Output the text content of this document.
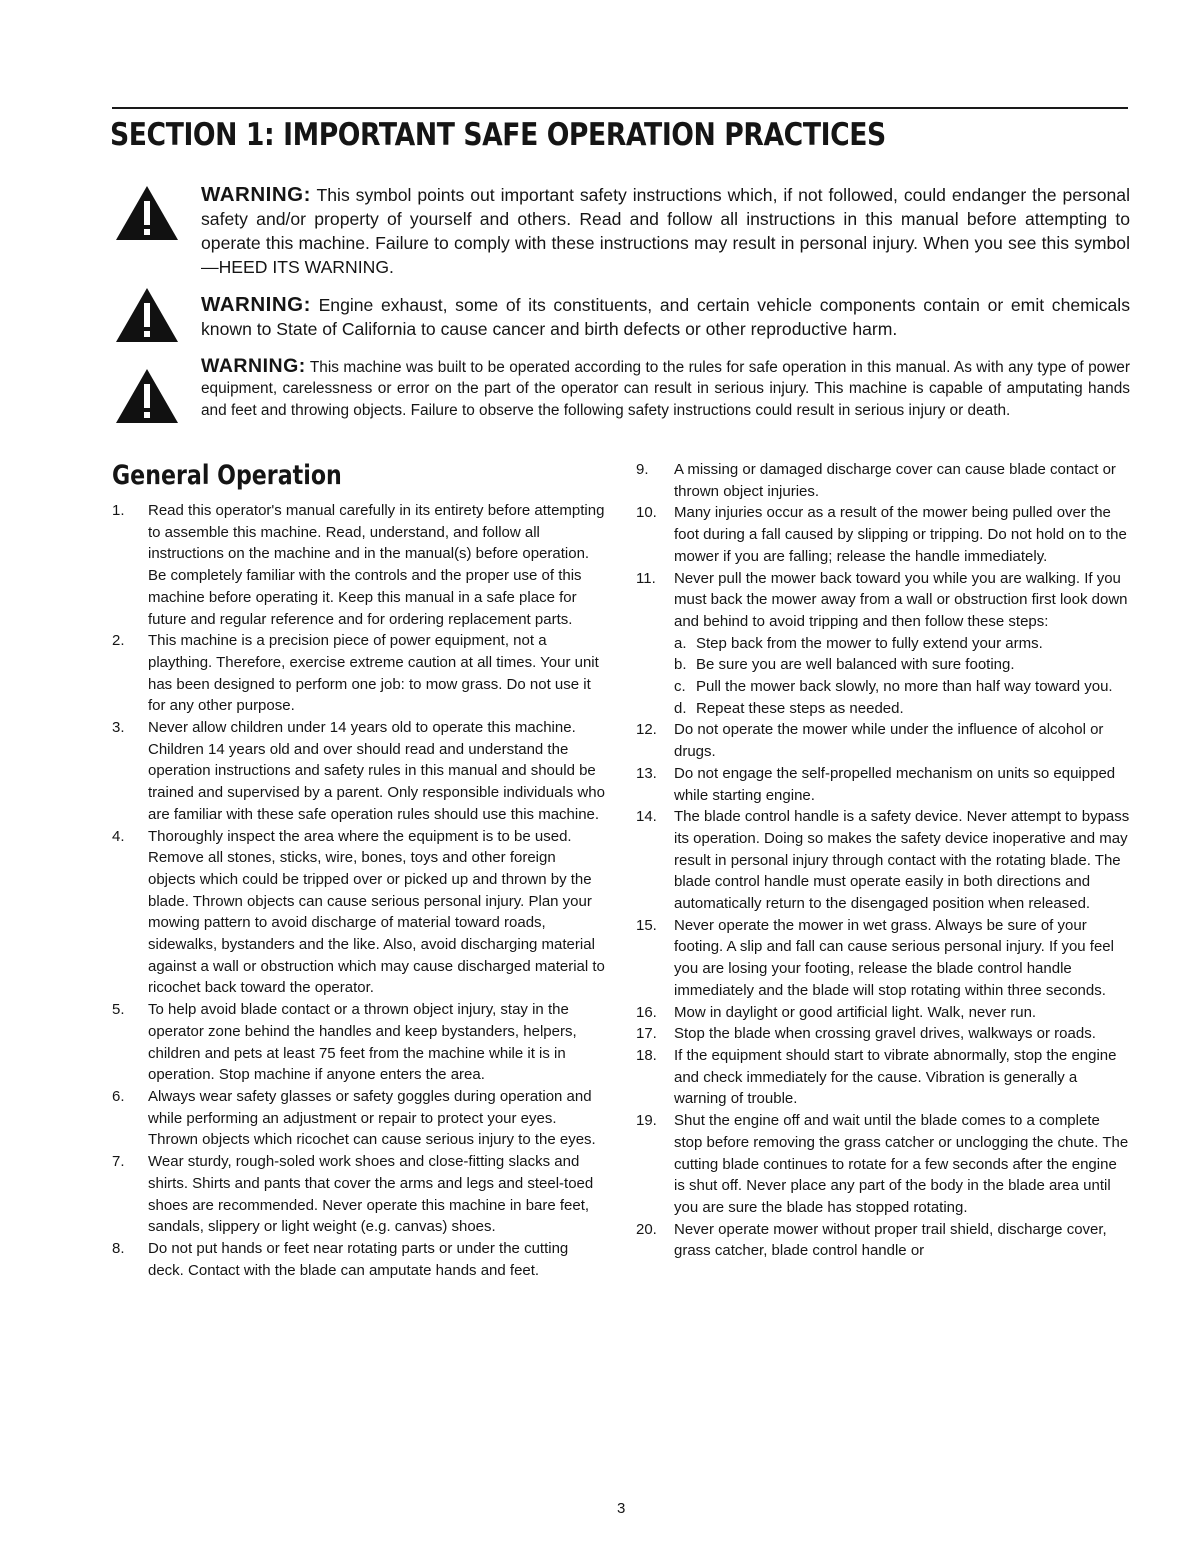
SECTION 1: IMPORTANT SAFE OPERATION PRACTICES
WARNING: This symbol points out important safety instructions which, if not followed, could endanger the personal safety and/or property of yourself and others. Read and follow all instructions in this manual before attempting to operate this machine. Failure to comply with these instructions may result in personal injury. When you see this symbol—HEED ITS WARNING.
WARNING: Engine exhaust, some of its constituents, and certain vehicle components contain or emit chemicals known to State of California to cause cancer and birth defects or other reproductive harm.
WARNING: This machine was built to be operated according to the rules for safe operation in this manual. As with any type of power equipment, carelessness or error on the part of the operator can result in serious injury. This machine is capable of amputating hands and feet and throwing objects. Failure to observe the following safety instructions could result in serious injury or death.
General Operation
1. Read this operator's manual carefully in its entirety before attempting to assemble this machine. Read, understand, and follow all instructions on the machine and in the manual(s) before operation. Be completely familiar with the controls and the proper use of this machine before operating it. Keep this manual in a safe place for future and regular reference and for ordering replacement parts.
2. This machine is a precision piece of power equipment, not a plaything. Therefore, exercise extreme caution at all times. Your unit has been designed to perform one job: to mow grass. Do not use it for any other purpose.
3. Never allow children under 14 years old to operate this machine. Children 14 years old and over should read and understand the operation instructions and safety rules in this manual and should be trained and supervised by a parent. Only responsible individuals who are familiar with these safe operation rules should use this machine.
4. Thoroughly inspect the area where the equipment is to be used. Remove all stones, sticks, wire, bones, toys and other foreign objects which could be tripped over or picked up and thrown by the blade. Thrown objects can cause serious personal injury. Plan your mowing pattern to avoid discharge of material toward roads, sidewalks, bystanders and the like. Also, avoid discharging material against a wall or obstruction which may cause discharged material to ricochet back toward the operator.
5. To help avoid blade contact or a thrown object injury, stay in the operator zone behind the handles and keep bystanders, helpers, children and pets at least 75 feet from the machine while it is in operation. Stop machine if anyone enters the area.
6. Always wear safety glasses or safety goggles during operation and while performing an adjustment or repair to protect your eyes. Thrown objects which ricochet can cause serious injury to the eyes.
7. Wear sturdy, rough-soled work shoes and close-fitting slacks and shirts. Shirts and pants that cover the arms and legs and steel-toed shoes are recommended. Never operate this machine in bare feet, sandals, slippery or light weight (e.g. canvas) shoes.
8. Do not put hands or feet near rotating parts or under the cutting deck. Contact with the blade can amputate hands and feet.
9. A missing or damaged discharge cover can cause blade contact or thrown object injuries.
10. Many injuries occur as a result of the mower being pulled over the foot during a fall caused by slipping or tripping. Do not hold on to the mower if you are falling; release the handle immediately.
11. Never pull the mower back toward you while you are walking. If you must back the mower away from a wall or obstruction first look down and behind to avoid tripping and then follow these steps:
a. Step back from the mower to fully extend your arms.
b. Be sure you are well balanced with sure footing.
c. Pull the mower back slowly, no more than half way toward you.
d. Repeat these steps as needed.
12. Do not operate the mower while under the influence of alcohol or drugs.
13. Do not engage the self-propelled mechanism on units so equipped while starting engine.
14. The blade control handle is a safety device. Never attempt to bypass its operation. Doing so makes the safety device inoperative and may result in personal injury through contact with the rotating blade. The blade control handle must operate easily in both directions and automatically return to the disengaged position when released.
15. Never operate the mower in wet grass. Always be sure of your footing. A slip and fall can cause serious personal injury. If you feel you are losing your footing, release the blade control handle immediately and the blade will stop rotating within three seconds.
16. Mow in daylight or good artificial light. Walk, never run.
17. Stop the blade when crossing gravel drives, walkways or roads.
18. If the equipment should start to vibrate abnormally, stop the engine and check immediately for the cause. Vibration is generally a warning of trouble.
19. Shut the engine off and wait until the blade comes to a complete stop before removing the grass catcher or unclogging the chute. The cutting blade continues to rotate for a few seconds after the engine is shut off. Never place any part of the body in the blade area until you are sure the blade has stopped rotating.
20. Never operate mower without proper trail shield, discharge cover, grass catcher, blade control handle or
3
